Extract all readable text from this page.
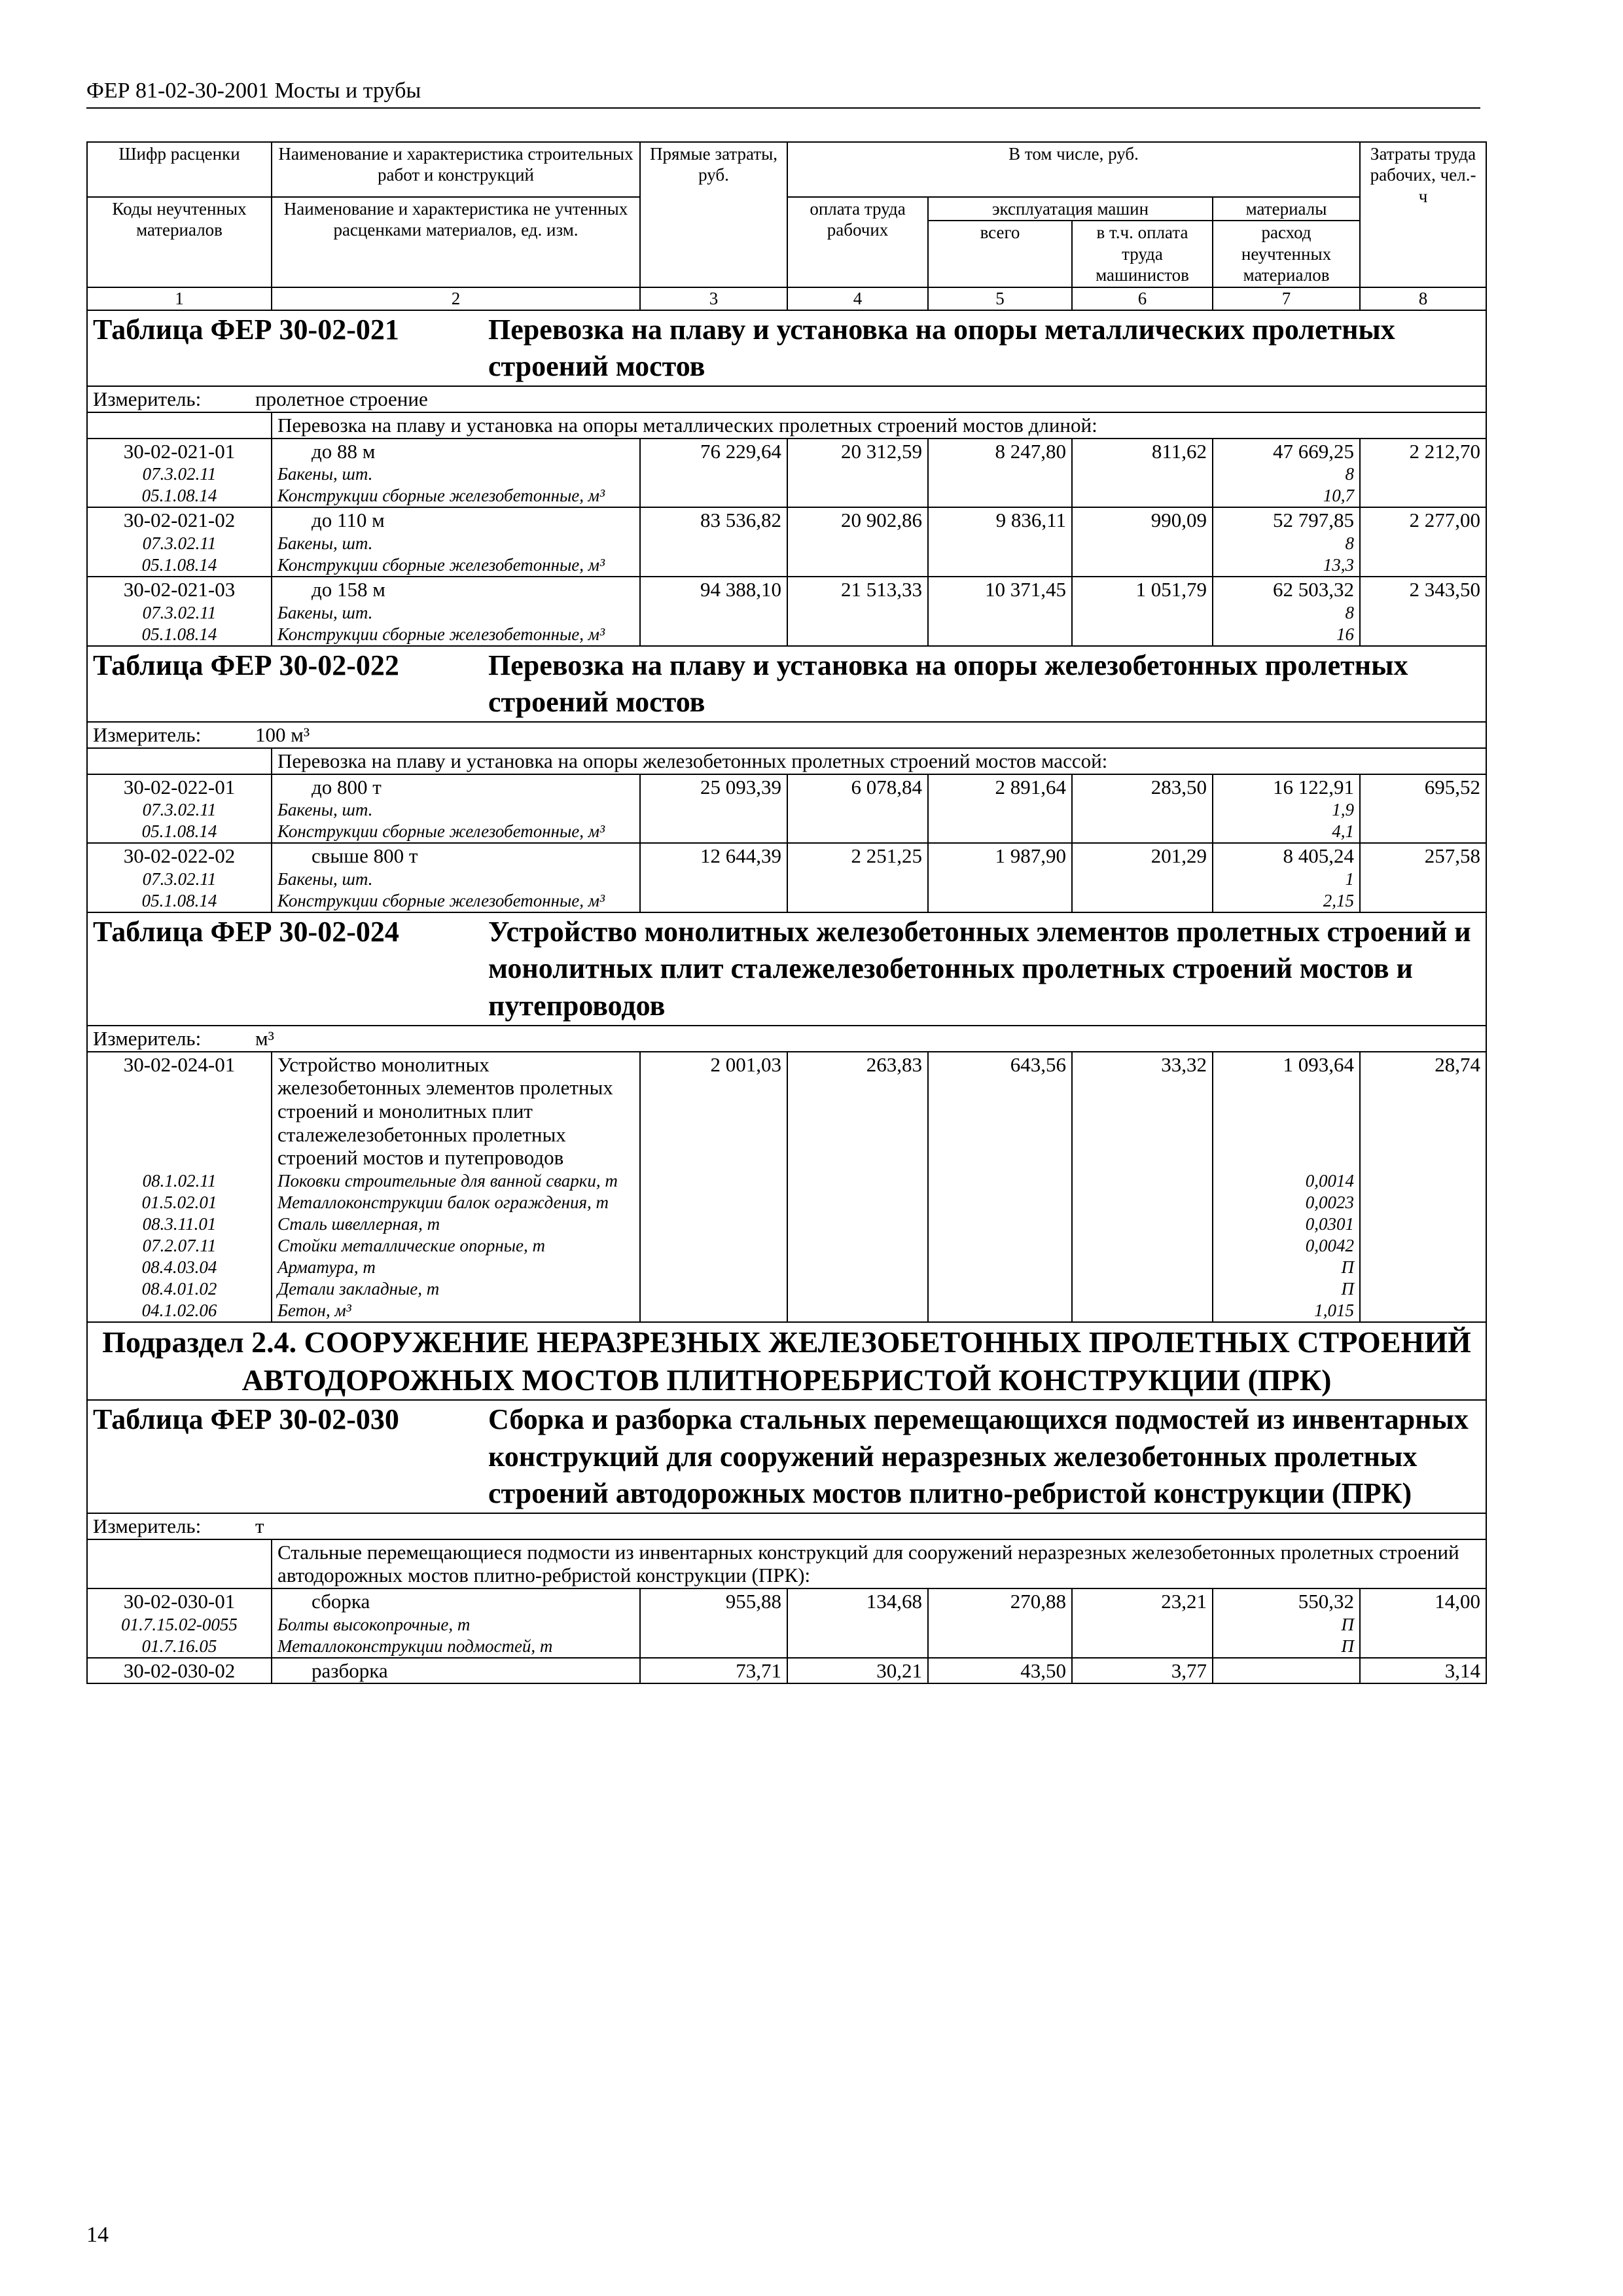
ФЕР 81-02-30-2001 Мосты и трубы
Шифр расценки	Наименование и характеристика строительных работ и конструкций	Прямые затраты, руб.	В том числе, руб.				Затраты труда рабочих, чел.-ч

Коды неучтенных материалов	Наименование и характеристика не учтенных расценками материалов, ед. изм.		оплата труда рабочих	эксплуатация машин		материалы	
				всего	в т.ч. оплата труда машинистов	расход неучтенных материалов	
1	2	3	4	5	6	7	8

Таблица ФЕР 30-02-021 Перевозка на плаву и установка на опоры металлических пролетных строений мостов							

Измеритель: пролетное строение							
	Перевозка на плаву и установка на опоры металлических пролетных строений мостов длиной:						
30-02-021-01	до 88 м	76 229,64	20 312,59	8 247,80	811,62	47 669,25	2 212,70
07.3.02.11	Бакены, шт.					8	
05.1.08.14	Конструкции сборные железобетонные, м³					10,7	
30-02-021-02	до 110 м	83 536,82	20 902,86	9 836,11	990,09	52 797,85	2 277,00
07.3.02.11	Бакены, шт.					8	
05.1.08.14	Конструкции сборные железобетонные, м³					13,3	
30-02-021-03	до 158 м	94 388,10	21 513,33	10 371,45	1 051,79	62 503,32	2 343,50
07.3.02.11	Бакены, шт.					8	
05.1.08.14	Конструкции сборные железобетонные, м³					16	

Таблица ФЕР 30-02-022 Перевозка на плаву и установка на опоры железобетонных пролетных строений мостов							

Измеритель: 100 м³							
	Перевозка на плаву и установка на опоры железобетонных пролетных строений мостов массой:						
30-02-022-01	до 800 т	25 093,39	6 078,84	2 891,64	283,50	16 122,91	695,52
07.3.02.11	Бакены, шт.					1,9	
05.1.08.14	Конструкции сборные железобетонные, м³					4,1	
30-02-022-02	свыше 800 т	12 644,39	2 251,25	1 987,90	201,29	8 405,24	257,58
07.3.02.11	Бакены, шт.					1	
05.1.08.14	Конструкции сборные железобетонные, м³					2,15	

Таблица ФЕР 30-02-024 Устройство монолитных железобетонных элементов пролетных строений и монолитных плит сталежелезобетонных пролетных строений мостов и путепроводов							

Измеритель: м³							
30-02-024-01	Устройство монолитных железобетонных элементов пролетных строений и монолитных плит сталежелезобетонных пролетных строений мостов и путепроводов	2 001,03	263,83	643,56	33,32	1 093,64	28,74
08.1.02.11	Поковки строительные для ванной сварки, т					0,0014	
01.5.02.01	Металлоконструкции балок ограждения, т					0,0023	
08.3.11.01	Сталь швеллерная, т					0,0301	
07.2.07.11	Стойки металлические опорные, т					0,0042	
08.4.03.04	Арматура, т					П	
08.4.01.02	Детали закладные, т					П	
04.1.02.06	Бетон, м³					1,015	
Подраздел 2.4. СООРУЖЕНИЕ НЕРАЗРЕЗНЫХ ЖЕЛЕЗОБЕТОННЫХ ПРОЛЕТНЫХ СТРОЕНИЙ АВТОДОРОЖНЫХ МОСТОВ ПЛИТНОРЕБРИСТОЙ КОНСТРУКЦИИ (ПРК)							

Таблица ФЕР 30-02-030 Сборка и разборка стальных перемещающихся подмостей из инвентарных конструкций для сооружений неразрезных железобетонных пролетных строений автодорожных мостов плитно-ребристой конструкции (ПРК)							

Измеритель: т							
	Стальные перемещающиеся подмости из инвентарных конструкций для сооружений неразрезных железобетонных пролетных строений автодорожных мостов плитно-ребристой конструкции (ПРК):						
30-02-030-01	сборка	955,88	134,68	270,88	23,21	550,32	14,00
01.7.15.02-0055	Болты высокопрочные, т					П	
01.7.16.05	Металлоконструкции подмостей, т					П	
30-02-030-02	разборка	73,71	30,21	43,50	3,77		3,14
14
